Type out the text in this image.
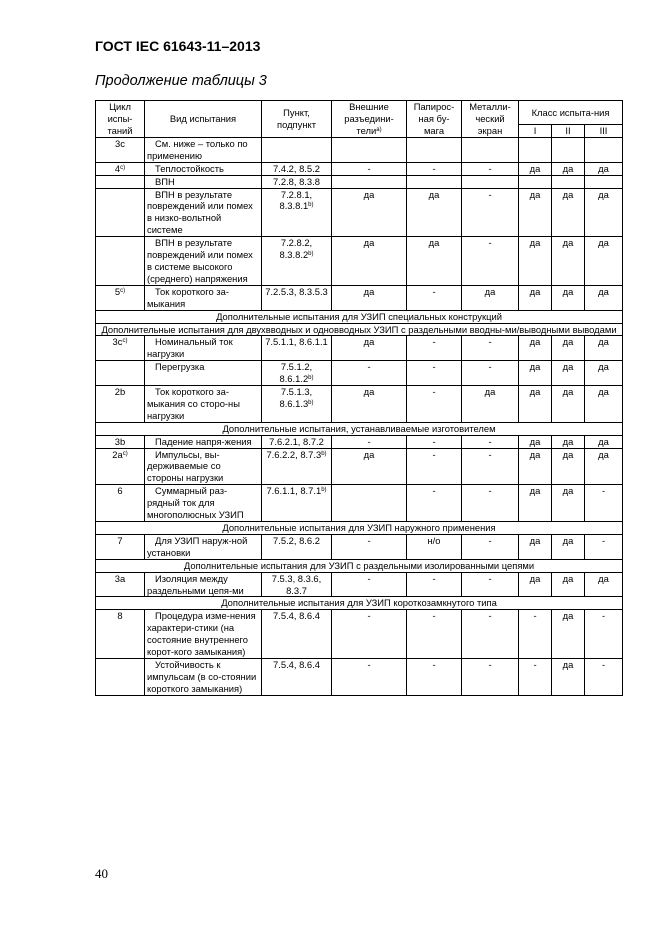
ГОСТ IEC 61643-11–2013
Продолжение таблицы 3
Цикл испы-таний	Вид испытания	Пункт, подпункт	Внешние разъедини-тели$^{a)}$	Папирос-ная бу-мага	Металли-ческий экран	Класс испыта-ния		
						I	II	III
3c	См. ниже – только по применению							
4$^{c)}$	Теплостойкость	7.4.2, 8.5.2	-	-	-	да	да	да
	ВПН	7.2.8, 8.3.8						
	ВПН в результате повреждений или помех в низко-вольтной системе	7.2.8.1, 8.3.8.1$^{b)}$	да	да	-	да	да	да
	ВПН в результате повреждений или помех в системе высокого (среднего) напряжения	7.2.8.2, 8.3.8.2$^{b)}$	да	да	-	да	да	да
5$^{c)}$	Ток короткого за-мыкания	7.2.5.3, 8.3.5.3	да	-	да	да	да	да
Дополнительные испытания для УЗИП специальных конструкций								
Дополнительные испытания для двухвводных и одновводных УЗИП с раздельными вводны-ми/выводными выводами								
$3c^{c)}$	Номинальный ток нагрузки	7.5.1.1, 8.6.1.1	да	-	-	да	да	да
	Перегрузка	7.5.1.2, 8.6.1.2$^{b)}$	-	-	-	да	да	да
2b	Ток короткого за-мыкания со сторо-ны нагрузки	7.5.1.3, 8.6.1.3$^{b)}$	да	-	да	да	да	да
Дополнительные испытания, устанавливаемые изготовителем								
3b	Падение напря-жения	7.6.2.1, 8.7.2	-	-	-	да	да	да
$2a^{c)}$	Импульсы, вы-держиваемые со стороны нагрузки	7.6.2.2, 8.7.3$^{b)}$	да	-	-	да	да	да
6	Суммарный раз-рядный ток для многополюсных УЗИП	7.6.1.1, 8.7.1$^{b)}$		-	-	да	да	-
Дополнительные испытания для УЗИП наружного применения								
7	Для УЗИП наруж-ной установки	7.5.2, 8.6.2	-	н/о	-	да	да	-
Дополнительные испытания для УЗИП с раздельными изолированными цепями								
3a	Изоляция между раздельными цепя-ми	7.5.3, 8.3.6, 8.3.7	-	-	-	да	да	да
Дополнительные испытания для УЗИП короткозамкнутого типа								
8	Процедура изме-нения характери-стики (на состояние внутреннего корот-кого замыкания)	7.5.4, 8.6.4	-	-	-	-	да	-
	Устойчивость к импульсам (в со-стоянии короткого замыкания)	7.5.4, 8.6.4	-	-	-	-	да	-
40
